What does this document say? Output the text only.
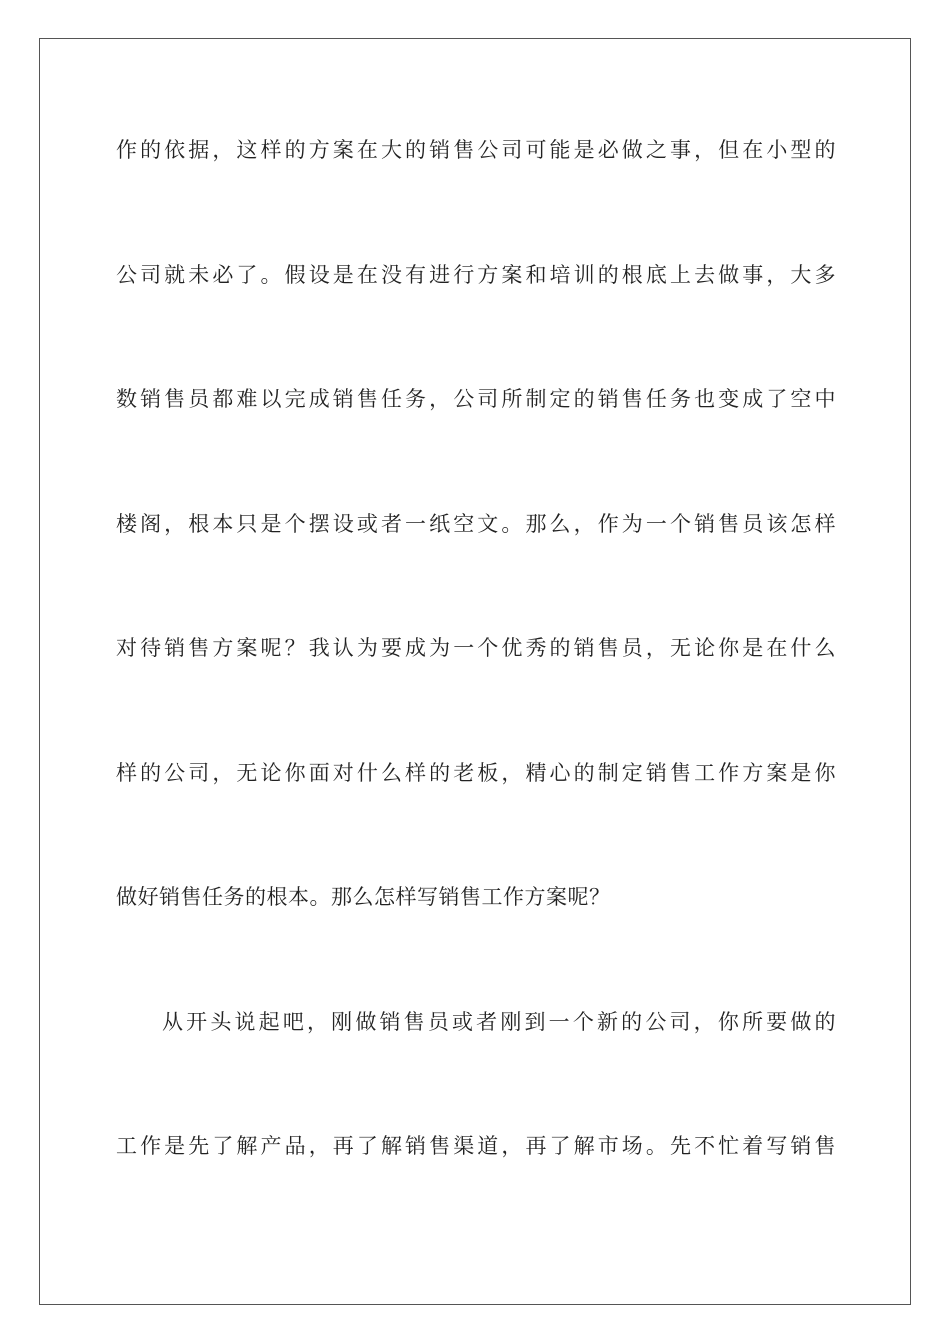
作的依据，这样的方案在大的销售公司可能是必做之事，但在小型的
公司就未必了。假设是在没有进行方案和培训的根底上去做事，大多
数销售员都难以完成销售任务，公司所制定的销售任务也变成了空中
楼阁，根本只是个摆设或者一纸空文。那么，作为一个销售员该怎样
对待销售方案呢？我认为要成为一个优秀的销售员，无论你是在什么
样的公司，无论你面对什么样的老板，精心的制定销售工作方案是你
做好销售任务的根本。那么怎样写销售工作方案呢？
从开头说起吧，刚做销售员或者刚到一个新的公司，你所要做的
工作是先了解产品，再了解销售渠道，再了解市场。先不忙着写销售
